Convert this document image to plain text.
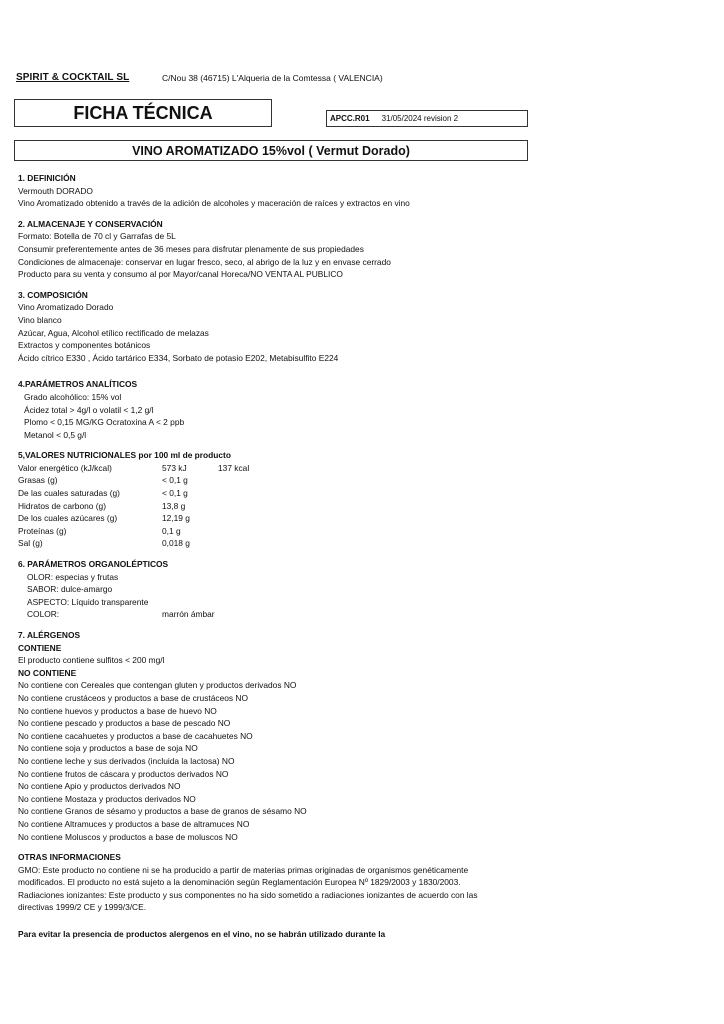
SPIRIT & COCKTAIL SL	C/Nou 38 (46715) L'Alqueria de la Comtessa ( VALENCIA)
FICHA TÉCNICA	APCC.R01 31/05/2024 revision 2
VINO AROMATIZADO 15%vol ( Vermut Dorado)
1. DEFINICIÓN
Vermouth DORADO
Vino Aromatizado obtenido a través de la adición de alcoholes y maceración de raíces y extractos en vino
2. ALMACENAJE Y CONSERVACIÓN
Formato: Botella de 70 cl y Garrafas de 5L
Consumir preferentemente antes de 36 meses para disfrutar plenamente de sus propiedades
Condiciones de almacenaje: conservar en lugar fresco, seco, al abrigo de la luz y en envase cerrado
Producto para su venta y consumo al por Mayor/canal Horeca/NO VENTA AL PUBLICO
3. COMPOSICIÓN
Vino Aromatizado Dorado
Vino blanco
Azúcar, Agua, Alcohol etílico rectificado de melazas
Extractos y componentes botánicos
Ácido cítrico E330 , Ácido tartárico E334, Sorbato de potasio E202, Metabisulfito E224
4.PARÁMETROS ANALÍTICOS
Grado alcohólico: 15% vol
Ácidez total > 4g/l o volatil < 1,2 g/l
Plomo < 0,15 MG/KG Ocratoxina A < 2 ppb
Metanol < 0,5 g/l
5,VALORES NUTRICIONALES por 100 ml de producto
Valor energético (kJ/kcal)	573 kJ	137 kcal
Grasas (g)	< 0,1 g
De las cuales saturadas (g)	< 0,1 g
Hidratos de carbono (g)	13,8 g
De los cuales azúcares (g)	12,19 g
Proteínas (g)	0,1 g
Sal (g)	0,018 g
6. PARÁMETROS ORGANOLÉPTICOS
OLOR: especias y frutas
SABOR: dulce-amargo
ASPECTO: Líquido transparente
COLOR:	marrón ámbar
7. ALÉRGENOS
CONTIENE
El producto contiene sulfitos < 200 mg/l
NO CONTIENE
No contiene con Cereales que contengan gluten y productos derivados NO
No contiene crustáceos y productos a base de crustáceos NO
No contiene huevos y productos a base de huevo NO
No contiene pescado y productos a base de pescado NO
No contiene cacahuetes y productos a base de cacahuetes NO
No contiene soja y productos a base de soja NO
No contiene leche y sus derivados (incluida la lactosa) NO
No contiene frutos de cáscara y productos derivados NO
No contiene Apio y productos derivados NO
No contiene Mostaza y productos derivados NO
No contiene Granos de sésamo y productos a base de granos de sésamo NO
No contiene Altramuces y productos a base de altramuces NO
No contiene Moluscos y productos a base de moluscos NO
OTRAS INFORMACIONES
GMO: Este producto no contiene ni se ha producido a partir de materias primas originadas de organismos genéticamente
modificados. El producto no está sujeto a la denominación según Reglamentación Europea Nº 1829/2003 y 1830/2003.
Radiaciones ionizantes: Este producto y sus componentes no ha sido sometido a radiaciones ionizantes de acuerdo con las
directivas 1999/2 CE y 1999/3/CE.
Para evitar la presencia de productos alergenos en el vino, no se habrán utilizado durante la
